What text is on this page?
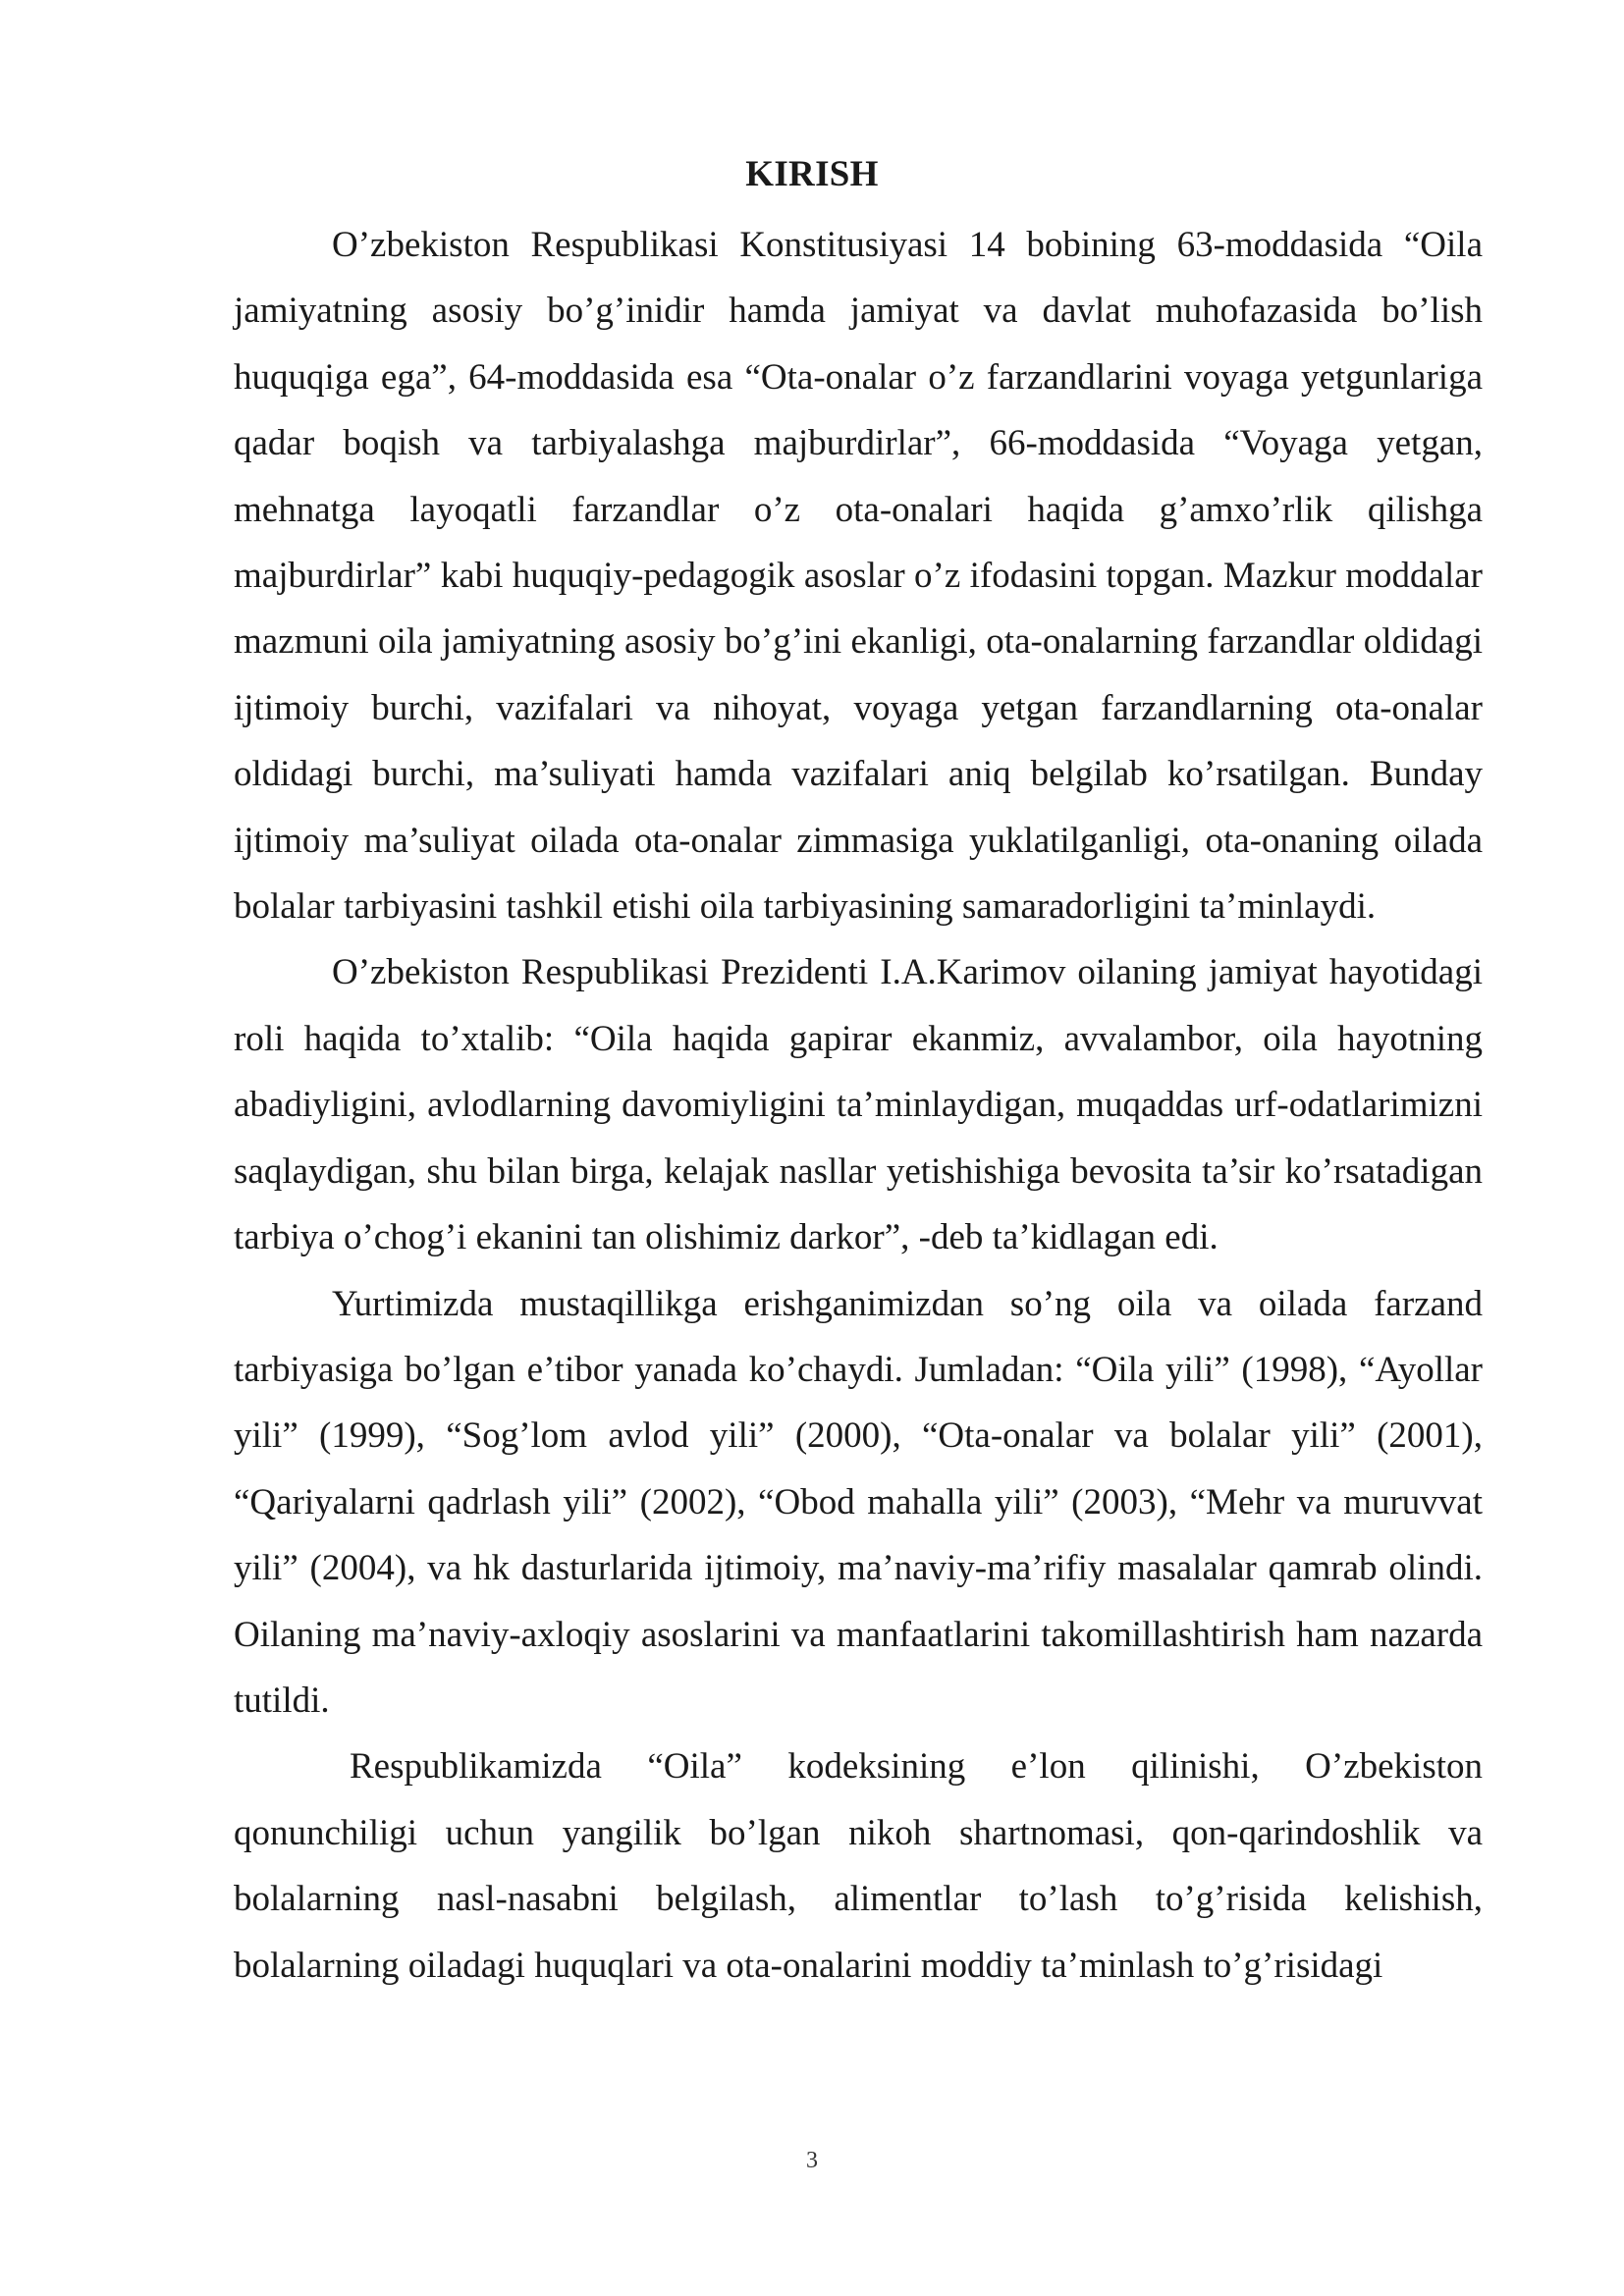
KIRISH

O’zbekiston Respublikasi Konstitusiyasi 14 bobining 63-moddasida “Oila jamiyatning asosiy bo’g’inidir hamda jamiyat va davlat muhofazasida bo’lish huquqiga ega”, 64-moddasida esa “Ota-onalar o’z farzandlarini voyaga yetgunlariga qadar boqish va tarbiyalashga majburdirlar”, 66-moddasida “Voyaga yetgan, mehnatga layoqatli farzandlar o’z ota-onalari haqida g’amxo’rlik qilishga majburdirlar” kabi huquqiy-pedagogik asoslar o’z ifodasini topgan. Mazkur moddalar mazmuni oila jamiyatning asosiy bo’g’ini ekanligi, ota-onalarning farzandlar oldidagi ijtimoiy burchi, vazifalari va nihoyat, voyaga yetgan farzandlarning ota-onalar oldidagi burchi, ma’suliyati hamda vazifalari aniq belgilab ko’rsatilgan. Bunday ijtimoiy ma’suliyat oilada ota-onalar zimmasiga yuklatilganligi, ota-onaning oilada bolalar tarbiyasini tashkil etishi oila tarbiyasining samaradorligini ta’minlaydi.

O’zbekiston Respublikasi Prezidenti I.A.Karimov oilaning jamiyat hayotidagi roli haqida to’xtalib: “Oila haqida gapirar ekanmiz, avvalambor, oila hayotning abadiyligini, avlodlarning davomiyligini ta’minlaydigan, muqaddas urf-odatlarimizni saqlaydigan, shu bilan birga, kelajak nasllar yetishishiga bevosita ta’sir ko’rsatadigan tarbiya o’chog’i ekanini tan olishimiz darkor”, -deb ta’kidlagan edi.

Yurtimizda mustaqillikga erishganimizdan so’ng oila va oilada farzand tarbiyasiga bo’lgan e’tibor yanada ko’chaydi. Jumladan: “Oila yili” (1998), “Ayollar yili” (1999), “Sog’lom avlod yili” (2000), “Ota-onalar va bolalar yili” (2001), “Qariyalarni qadrlash yili” (2002), “Obod mahalla yili” (2003), “Mehr va muruvvat yili” (2004), va hk dasturlarida ijtimoiy, ma’naviy-ma’rifiy masalalar qamrab olindi. Oilaning ma’naviy-axloqiy asoslarini va manfaatlarini takomillashtirish ham nazarda tutildi.

Respublikamizda “Oila” kodeksining e’lon qilinishi, O’zbekiston qonunchiligi uchun yangilik bo’lgan nikoh shartnomasi, qon-qarindoshlik va bolalarning nasl-nasabni belgilash, alimentlar to’lash to’g’risida kelishish, bolalarning oiladagi huquqlari va ota-onalarini moddiy ta’minlash to’g’risidagi

3
